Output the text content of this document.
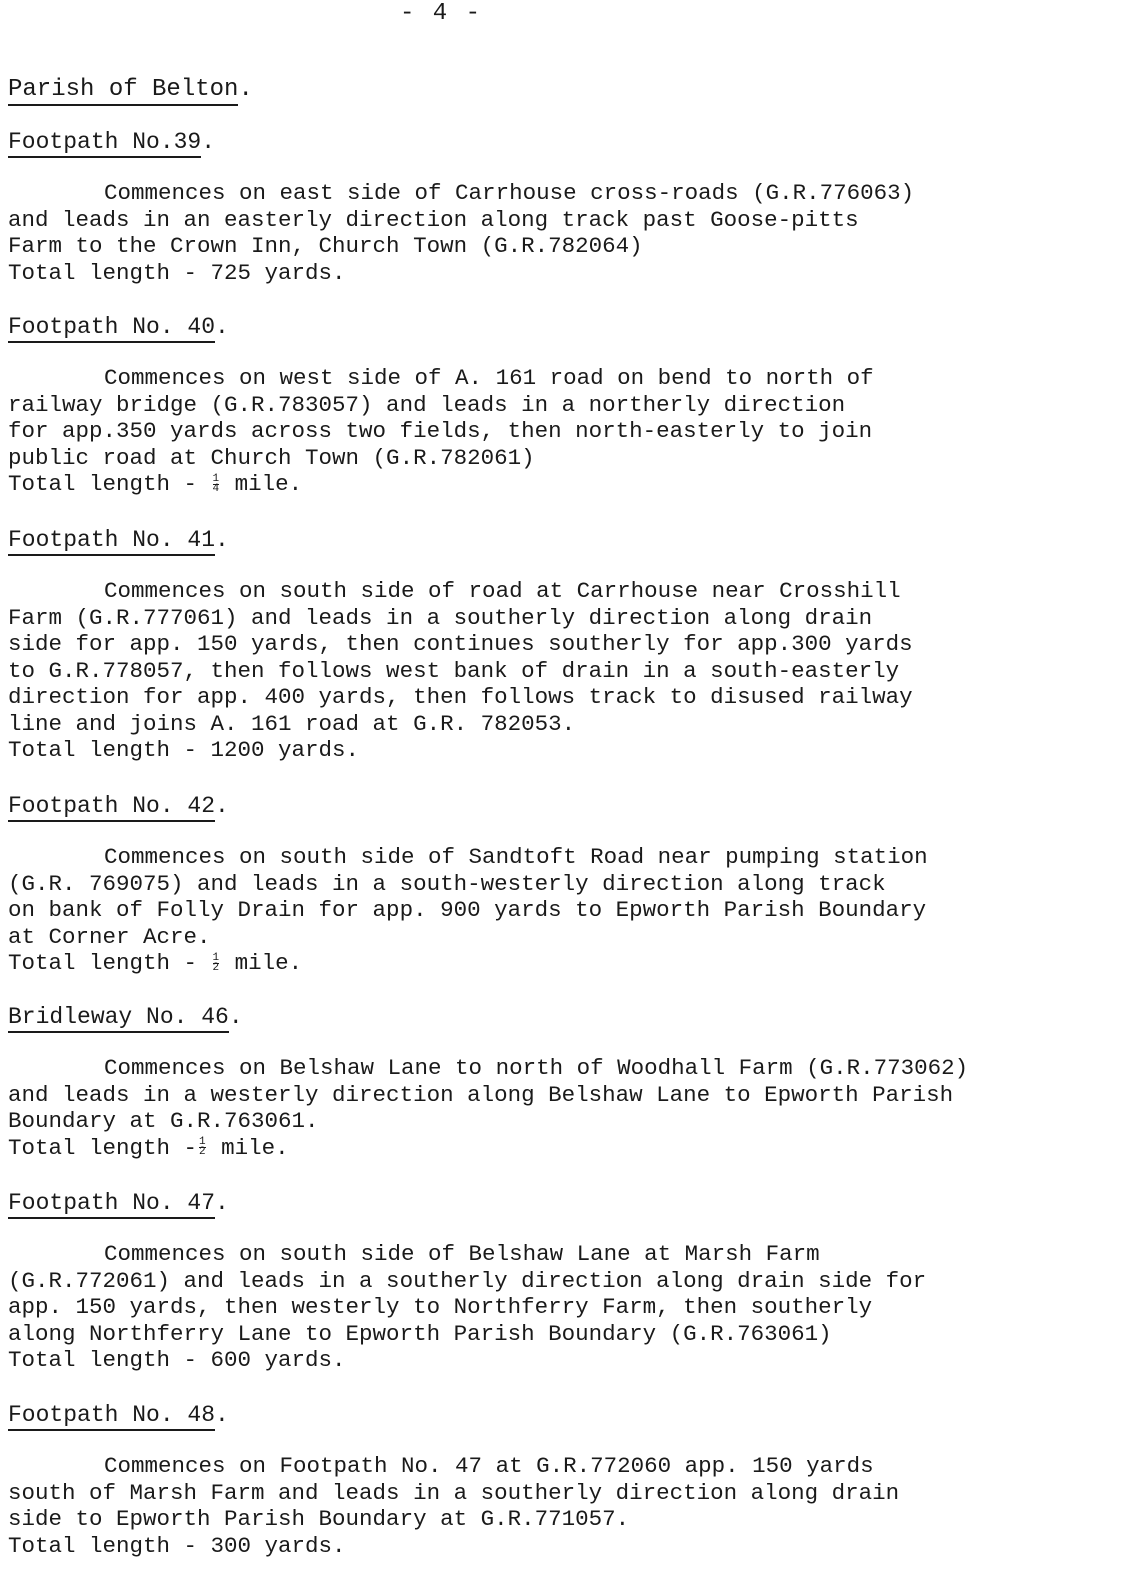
- 4 -
Parish of Belton.
Footpath No.39.
Commences on east side of Carrhouse cross-roads (G.R.776063)
and leads in an easterly direction along track past Goose-pitts
Farm to the Crown Inn, Church Town (G.R.782064)
Total length - 725 yards.
Footpath No. 40.
Commences on west side of A. 161 road on bend to north of
railway bridge (G.R.783057) and leads in a northerly direction
for app.350 yards across two fields, then north-easterly to join
public road at Church Town (G.R.782061)
Total length - $\frac{1}{4}$ mile.
Footpath No. 41.
Commences on south side of road at Carrhouse near Crosshill
Farm (G.R.777061) and leads in a southerly direction along drain
side for app. 150 yards, then continues southerly for app.300 yards
to G.R.778057, then follows west bank of drain in a south-easterly
direction for app. 400 yards, then follows track to disused railway
line and joins A. 161 road at G.R. 782053.
Total length - 1200 yards.
Footpath No. 42.
Commences on south side of Sandtoft Road near pumping station
(G.R. 769075) and leads in a south-westerly direction along track
on bank of Folly Drain for app. 900 yards to Epworth Parish Boundary
at Corner Acre.
Total length - $\frac{1}{2}$ mile.
Bridleway No. 46.
Commences on Belshaw Lane to north of Woodhall Farm (G.R.773062)
and leads in a westerly direction along Belshaw Lane to Epworth Parish
Boundary at G.R.763061.
Total length - $\frac{1}{2}$ mile.
Footpath No. 47.
Commences on south side of Belshaw Lane at Marsh Farm
(G.R.772061) and leads in a southerly direction along drain side for
app. 150 yards, then westerly to Northferry Farm, then southerly
along Northferry Lane to Epworth Parish Boundary (G.R.763061)
Total length - 600 yards.
Footpath No. 48.
Commences on Footpath No. 47 at G.R.772060 app. 150 yards
south of Marsh Farm and leads in a southerly direction along drain
side to Epworth Parish Boundary at G.R.771057.
Total length - 300 yards.
